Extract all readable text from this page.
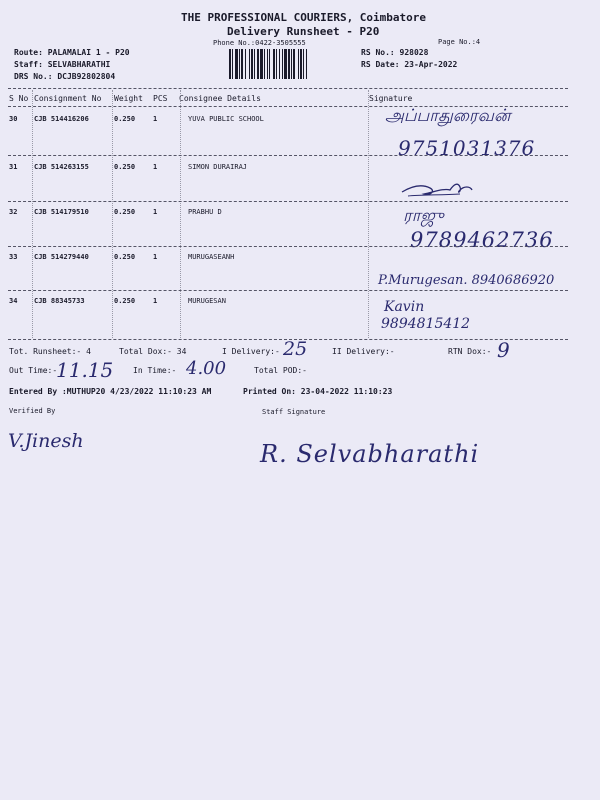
THE PROFESSIONAL COURIERS, Coimbatore
Delivery Runsheet - P20
Phone No.:0422-3505555	Page No.:4
Route: PALAMALAI 1 - P20
Staff: SELVABHARATHI
DRS No.: DCJB92802804
RS No.: 928028
RS Date: 23-Apr-2022
S No Consignment No Weight PCS Consignee Details	Signature
30 CJB 514416206	0.250	1	YUVA PUBLIC SCHOOL	அப்பாதுரைவன்
9751031376
31 CJB 514263155	0.250	1	SIMON DURAIRAJ
32 CJB 514179510	0.250	1	PRABHU D	ராஜு
9789462736
33 CJB 514279440	0.250	1	MURUGASEANH
P.Murugesan. 8940686920
34 CJB 88345733	0.250	1	MURUGESAN	Kavin
9894815412
Tot. Runsheet:- 4	Total Dox:- 34	I Delivery:- 25	II Delivery:-	RTN Dox:- 9
Out Time:-
11.15 In Time:- 4.00	Total POD:-
Entered By :MUTHUP20 4/23/2022 11:10:23 AM	Printed On: 23-04-2022 11:10:23
Verified By	Staff Signature
V.Jinesh	R. Selvabharathi
